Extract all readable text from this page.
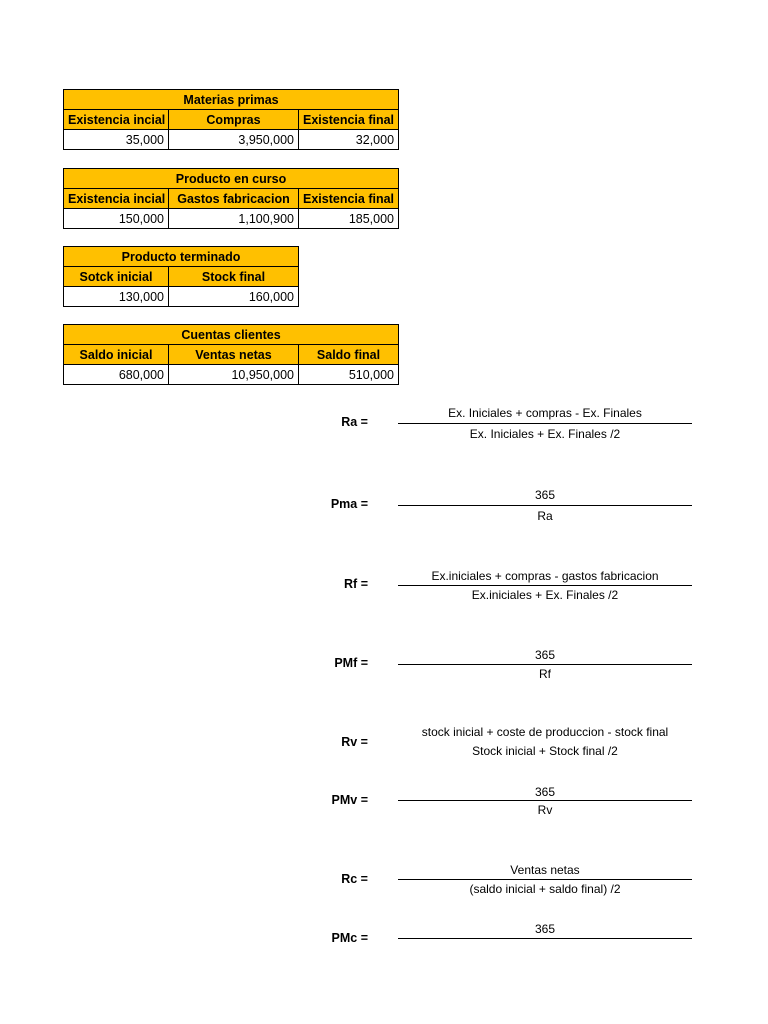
Materias primas		
Existencia incial	Compras	Existencia final
35,000	3,950,000	32,000
Producto en curso		
Existencia incial	Gastos fabricacion	Existencia final
150,000	1,100,900	185,000
Producto terminado	
Sotck inicial	Stock final
130,000	160,000
Cuentas clientes		
Saldo inicial	Ventas netas	Saldo final
680,000	10,950,000	510,000
Ex. Iniciales + compras - Ex. Finales
Ra =
Ex. Iniciales + Ex. Finales /2
365
Pma =
Ra
Ex.iniciales + compras - gastos fabricacion
Rf =
Ex.iniciales + Ex. Finales /2
365
PMf =
Rf
stock inicial + coste de produccion - stock final
Rv =
Stock inicial + Stock final /2
365
PMv =
Rv
Ventas netas
Rc =
(saldo inicial + saldo final) /2
365
PMc =
